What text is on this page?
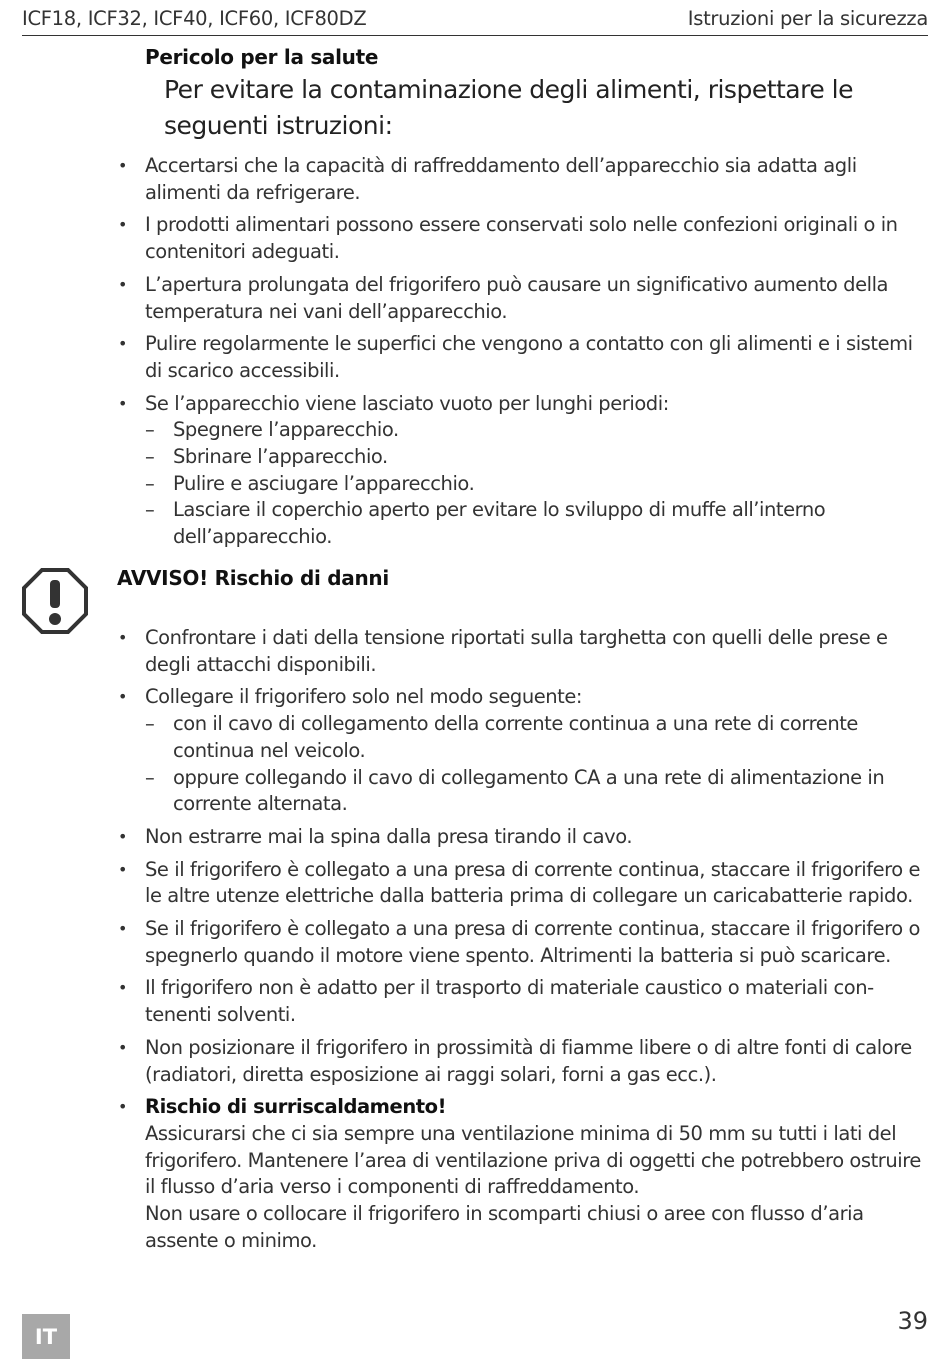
ICF18, ICF32, ICF40, ICF60, ICF80DZ	Istruzioni per la sicurezza
Pericolo per la salute
Per evitare la contaminazione degli alimenti, rispettare le seguenti istruzioni:
• Accertarsi che la capacità di raffreddamento dell’apparecchio sia adatta agli alimenti da refrigerare.
• I prodotti alimentari possono essere conservati solo nelle confezioni originali o in contenitori adeguati.
• L’apertura prolungata del frigorifero può causare un significativo aumento della temperatura nei vani dell’apparecchio.
• Pulire regolarmente le superfici che vengono a contatto con gli alimenti e i sistemi di scarico accessibili.
• Se l’apparecchio viene lasciato vuoto per lunghi periodi:
– Spegnere l’apparecchio.
– Sbrinare l’apparecchio.
– Pulire e asciugare l’apparecchio.
– Lasciare il coperchio aperto per evitare lo sviluppo di muffe all’interno dell’apparecchio.
AVVISO! Rischio di danni
• Confrontare i dati della tensione riportati sulla targhetta con quelli delle prese e degli attacchi disponibili.
• Collegare il frigorifero solo nel modo seguente:
– con il cavo di collegamento della corrente continua a una rete di corrente continua nel veicolo.
– oppure collegando il cavo di collegamento CA a una rete di alimentazione in corrente alternata.
• Non estrarre mai la spina dalla presa tirando il cavo.
• Se il frigorifero è collegato a una presa di corrente continua, staccare il frigorifero e le altre utenze elettriche dalla batteria prima di collegare un caricabatterie rapido.
• Se il frigorifero è collegato a una presa di corrente continua, staccare il frigorifero o spegnerlo quando il motore viene spento. Altrimenti la batteria si può scaricare.
• Il frigorifero non è adatto per il trasporto di materiale caustico o materiali contenenti solventi.
• Non posizionare il frigorifero in prossimità di fiamme libere o di altre fonti di calore (radiatori, diretta esposizione ai raggi solari, forni a gas ecc.).
• Rischio di surriscaldamento!
Assicurarsi che ci sia sempre una ventilazione minima di 50 mm su tutti i lati del frigorifero. Mantenere l’area di ventilazione priva di oggetti che potrebbero ostruire il flusso d’aria verso i componenti di raffreddamento.
Non usare o collocare il frigorifero in scomparti chiusi o aree con flusso d’aria assente o minimo.
IT
39
